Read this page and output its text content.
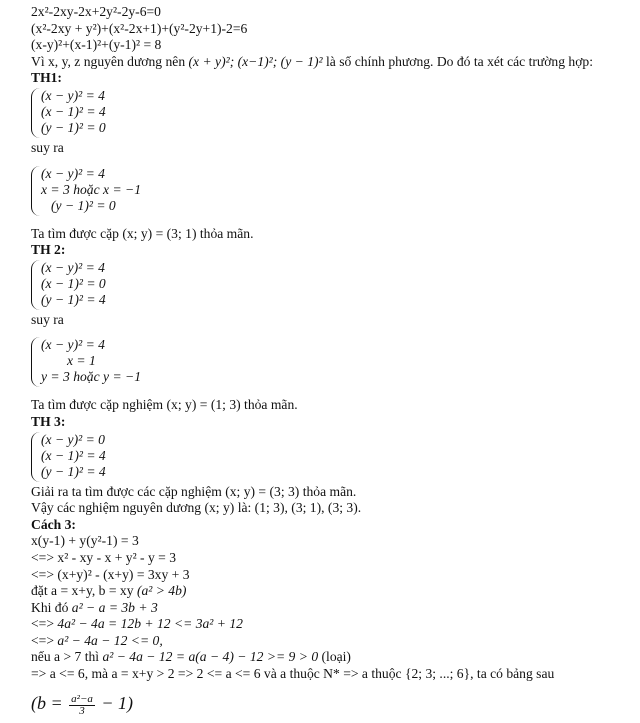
2x²-2xy-2x+2y²-2y-6=0
(x²-2xy + y²)+(x²-2x+1)+(y²-2y+1)-2=6
(x-y)²+(x-1)²+(y-1)² = 8
Vì x, y, z nguyên dương nên (x + y)²; (x−1)²; (y − 1)² là số chính phương. Do đó ta xét các trường hợp:
TH1:
(x − y)² = 4
(x − 1)² = 4
(y − 1)² = 0
suy ra
(x − y)² = 4
x = 3 hoặc x = −1
(y − 1)² = 0
Ta tìm được cặp (x; y) = (3; 1) thỏa mãn.
TH 2:
(x − y)² = 4
(x − 1)² = 0
(y − 1)² = 4
suy ra
(x − y)² = 4
x = 1
y = 3 hoặc y = −1
Ta tìm được cặp nghiệm (x; y) = (1; 3) thỏa mãn.
TH 3:
(x − y)² = 0
(x − 1)² = 4
(y − 1)² = 4
Giải ra ta tìm được các cặp nghiệm (x; y) = (3; 3) thỏa mãn.
Vậy các nghiệm nguyên dương (x; y) là: (1; 3), (3; 1), (3; 3).
Cách 3:
x(y-1) + y(y²-1) = 3
<=> x² - xy - x + y² - y = 3
<=> (x+y)² - (x+y) = 3xy + 3
đặt a = x+y, b = xy (a² > 4b)
Khi đó a² − a = 3b + 3
<=> 4a² − 4a = 12b + 12 <= 3a² + 12
<=> a² − 4a − 12 <= 0,
nếu a > 7 thì a² − 4a − 12 = a(a − 4) − 12 >= 9 > 0 (loại)
=> a <= 6, mà a = x+y > 2 => 2 <= a <= 6 và a thuộc N* => a thuộc {2; 3; ...; 6}, ta có bảng sau
$(b = \frac{\text{a²−a}}{3} - 1)$
